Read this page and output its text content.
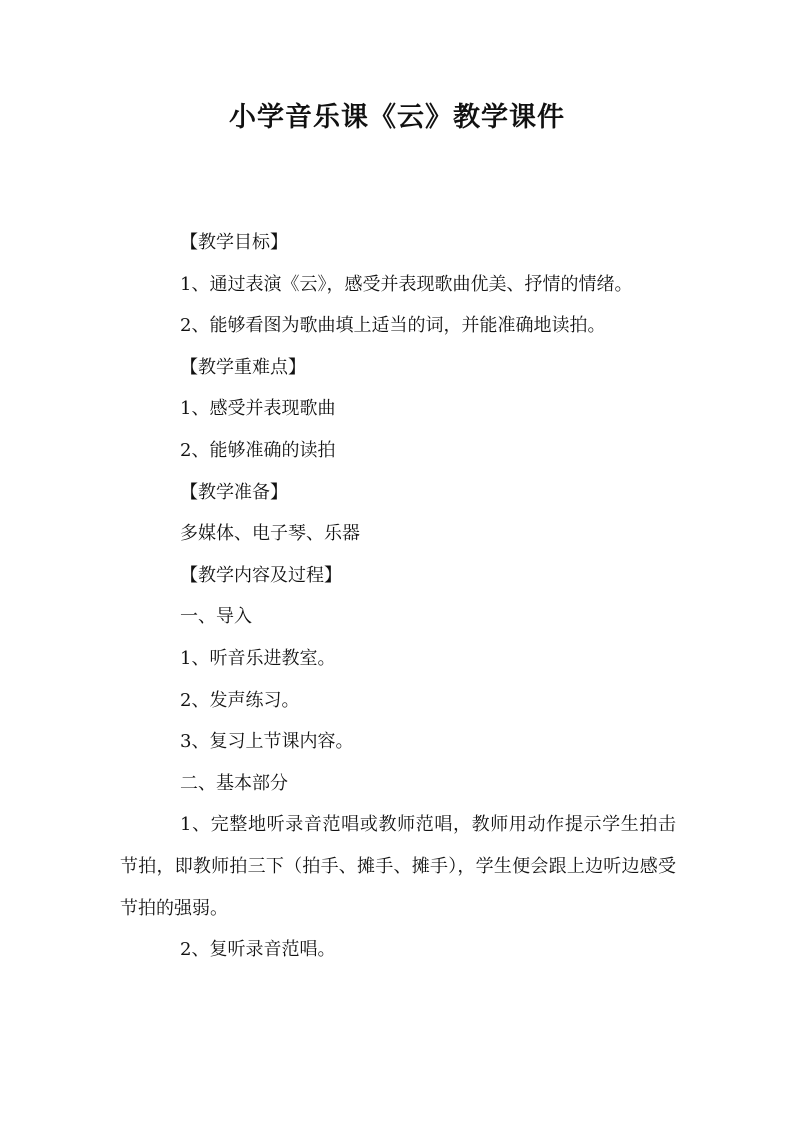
小学音乐课《云》教学课件

【教学目标】

1、通过表演《云》，感受并表现歌曲优美、抒情的情绪。

2、能够看图为歌曲填上适当的词，并能准确地读拍。

【教学重难点】

1、感受并表现歌曲

2、能够准确的读拍

【教学准备】

多媒体、电子琴、乐器

【教学内容及过程】

一、导入

1、听音乐进教室。

2、发声练习。

3、复习上节课内容。

二、基本部分

1、完整地听录音范唱或教师范唱，教师用动作提示学生拍击节拍，即教师拍三下（拍手、摊手、摊手），学生便会跟上边听边感受节拍的强弱。

2、复听录音范唱。
